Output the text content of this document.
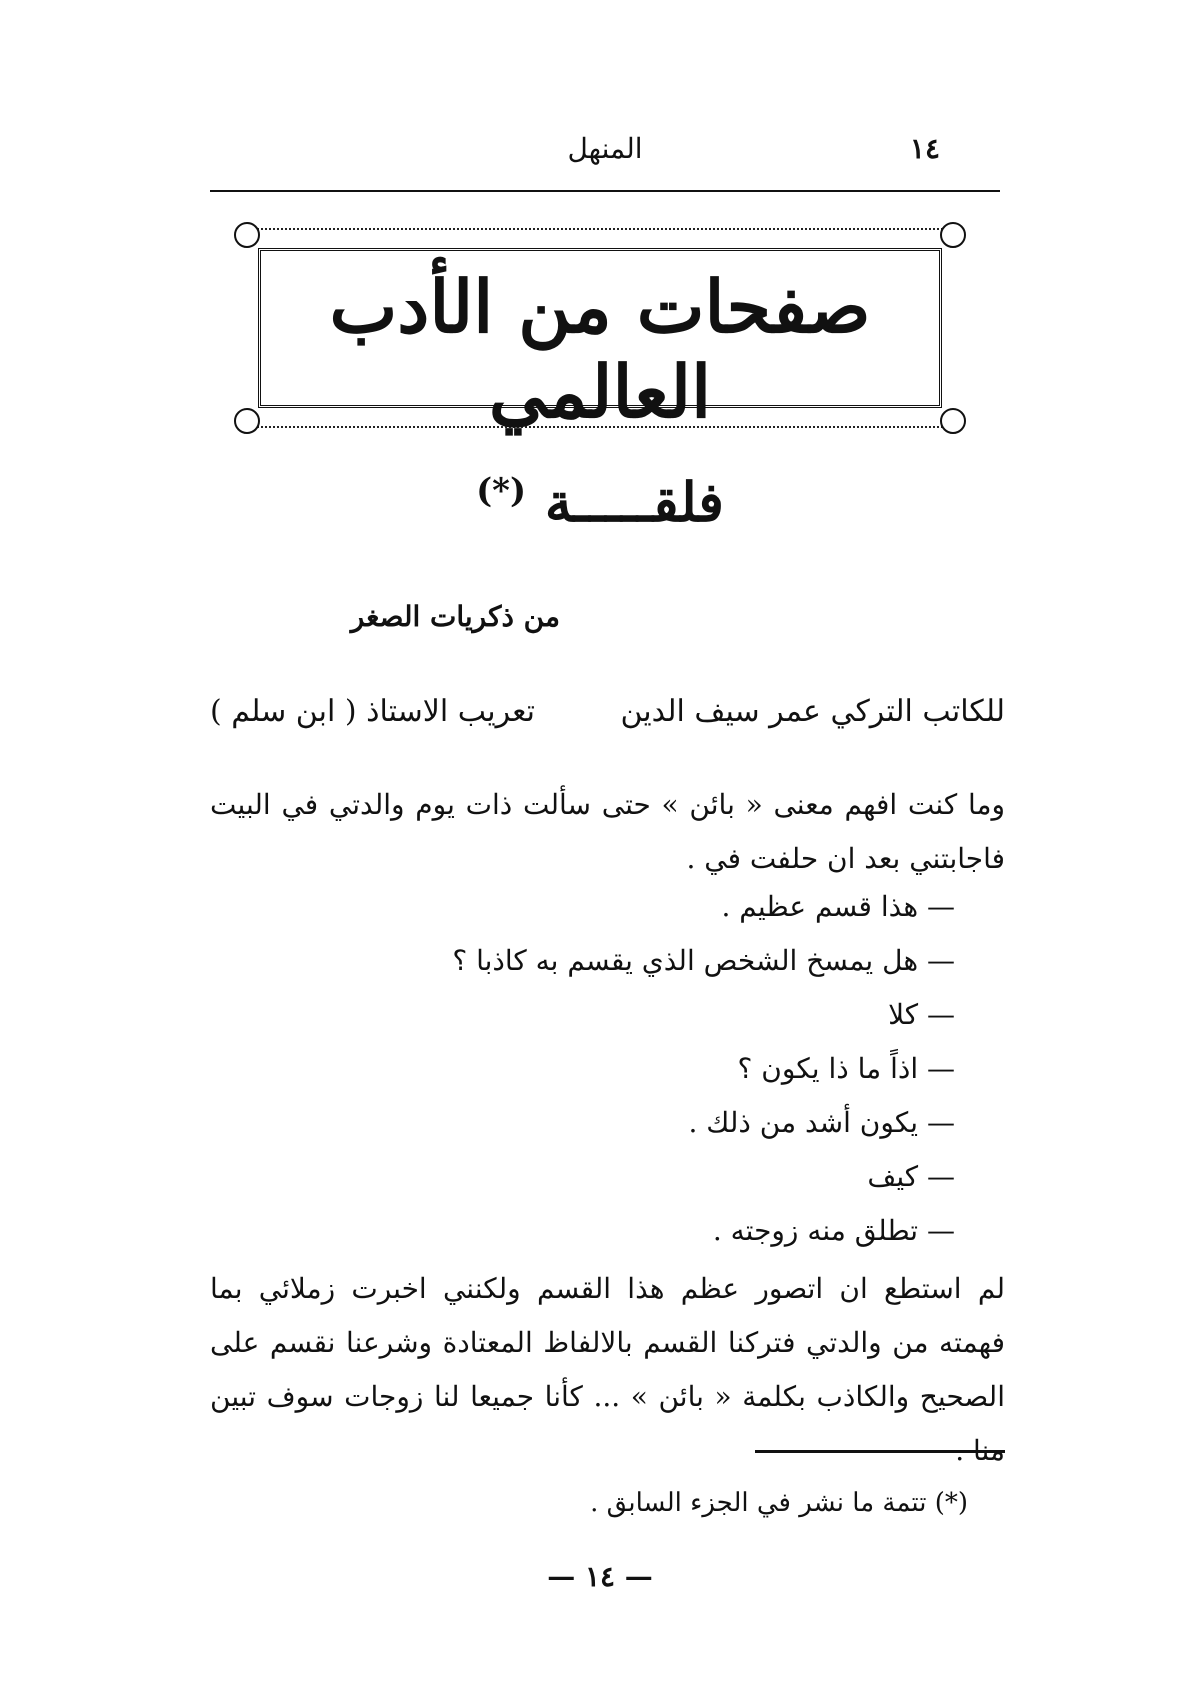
١٤
المنهل
صفحات من الأدب العالمي
فلقـــــة (*)
من ذكريات الصغر
للكاتب التركي عمر سيف الدين
تعريب الاستاذ ( ابن سلم )

وما كنت افهم معنى « بائن » حتى سألت ذات يوم والدتي في البيت فاجابتني بعد ان حلفت في .

— هذا قسم عظيم .
— هل يمسخ الشخص الذي يقسم به كاذبا ؟
— كلا
— اذاً ما ذا يكون ؟
— يكون أشد من ذلك .
— كيف
— تطلق منه زوجته .

لم استطع ان اتصور عظم هذا القسم ولكنني اخبرت زملائي بما فهمته من والدتي فتركنا القسم بالالفاظ المعتادة وشرعنا نقسم على الصحيح والكاذب بكلمة « بائن » ... كأنا جميعا لنا زوجات سوف تبين منا .

(*) تتمة ما نشر في الجزء السابق .
— ١٤ —
